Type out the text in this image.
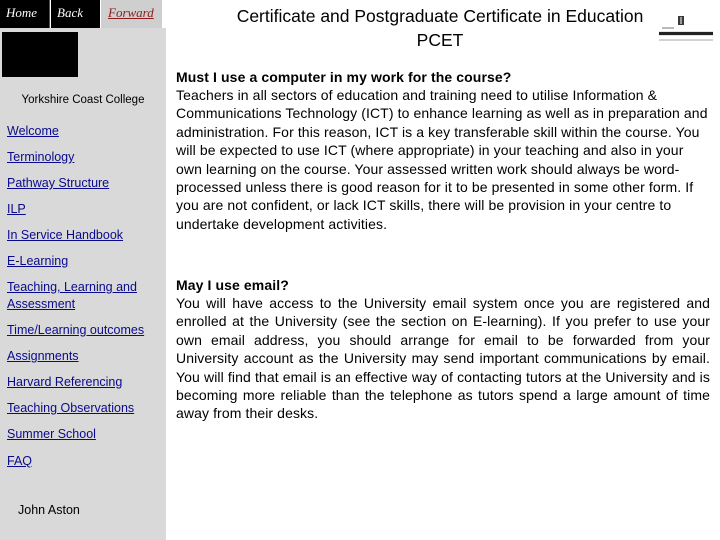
Home	Back	Forward	Certificate and Postgraduate Certificate in Education
PCET
Yorkshire Coast College
Welcome
Terminology
Pathway Structure
ILP
In Service Handbook
E-Learning
Teaching, Learning and Assessment
Time/Learning outcomes
Assignments
Harvard Referencing
Teaching Observations
Summer School
FAQ
John Aston
Must I use a computer in my work for the course?
Teachers in all sectors of education and training need to utilise Information & Communications Technology (ICT) to enhance learning as well as in preparation and administration. For this reason, ICT is a key transferable skill within the course. You will be expected to use ICT (where appropriate) in your teaching and also in your own learning on the course. Your assessed written work should always be word-processed unless there is good reason for it to be presented in some other form. If you are not confident, or lack ICT skills, there will be provision in your centre to undertake development activities.
May I use email?
You will have access to the University email system once you are registered and enrolled at the University (see the section on E-learning). If you prefer to use your own email address, you should arrange for email to be forwarded from your University account as the University may send important communications by email. You will find that email is an effective way of contacting tutors at the University and is becoming more reliable than the telephone as tutors spend a large amount of time away from their desks.
